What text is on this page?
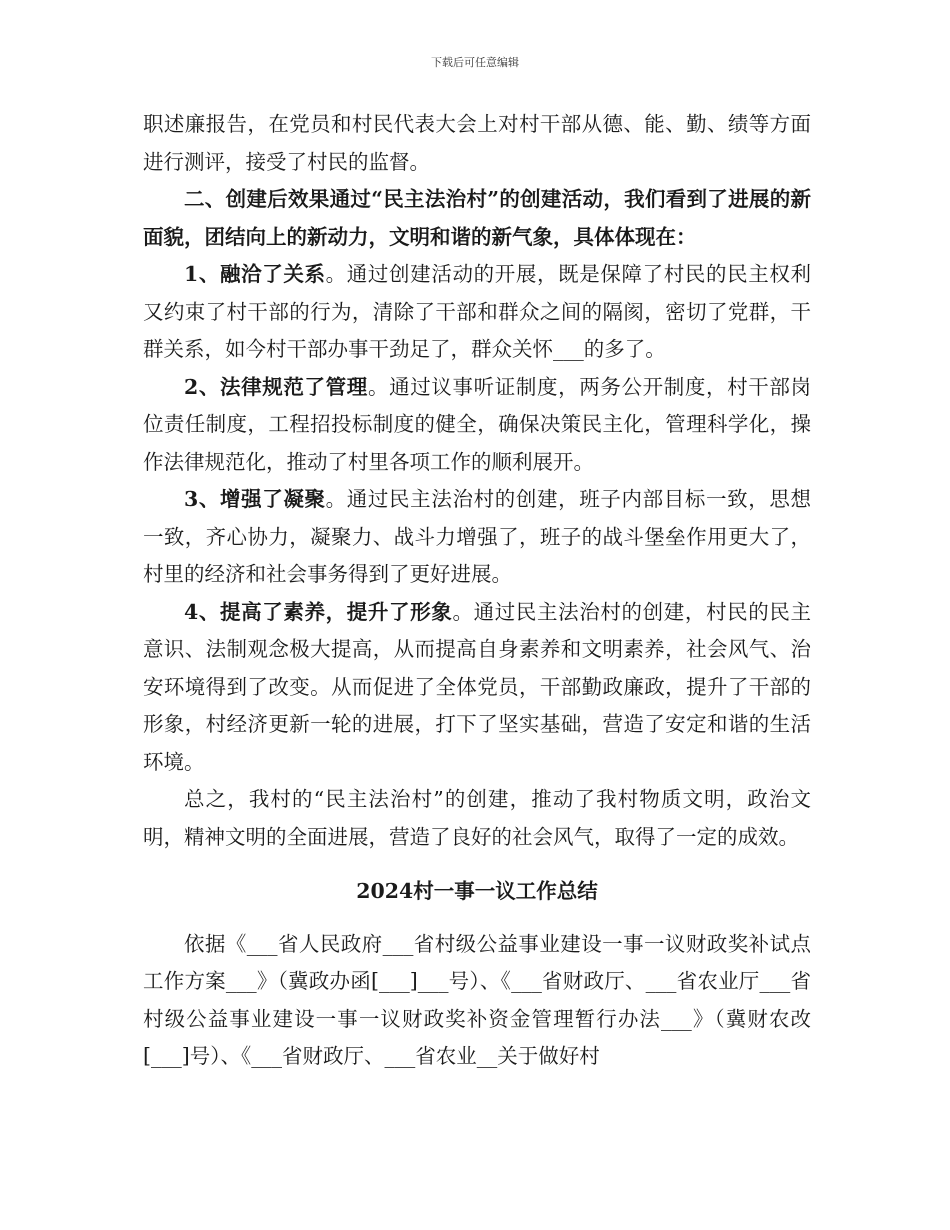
下载后可任意编辑

职述廉报告，在党员和村民代表大会上对村干部从德、能、勤、绩等方面进行测评，接受了村民的监督。

二、创建后效果通过“民主法治村”的创建活动，我们看到了进展的新面貌，团结向上的新动力，文明和谐的新气象，具体体现在：

1、融洽了关系。通过创建活动的开展，既是保障了村民的民主权利又约束了村干部的行为，清除了干部和群众之间的隔阂，密切了党群，干群关系，如今村干部办事干劲足了，群众关怀___的多了。

2、法律规范了管理。通过议事听证制度，两务公开制度，村干部岗位责任制度，工程招投标制度的健全，确保决策民主化，管理科学化，操作法律规范化，推动了村里各项工作的顺利展开。

3、增强了凝聚。通过民主法治村的创建，班子内部目标一致，思想一致，齐心协力，凝聚力、战斗力增强了，班子的战斗堡垒作用更大了，村里的经济和社会事务得到了更好进展。

4、提高了素养，提升了形象。通过民主法治村的创建，村民的民主意识、法制观念极大提高，从而提高自身素养和文明素养，社会风气、治安环境得到了改变。从而促进了全体党员，干部勤政廉政，提升了干部的形象，村经济更新一轮的进展，打下了坚实基础，营造了安定和谐的生活环境。

总之，我村的“民主法治村”的创建，推动了我村物质文明，政治文明，精神文明的全面进展，营造了良好的社会风气，取得了一定的成效。

2024村一事一议工作总结

依据《___省人民政府___省村级公益事业建设一事一议财政奖补试点工作方案___》（冀政办函[___]___号）、《___省财政厅、___省农业厅___省村级公益事业建设一事一议财政奖补资金管理暂行办法___》（冀财农改[___]号）、《___省财政厅、___省农业__关于做好村
